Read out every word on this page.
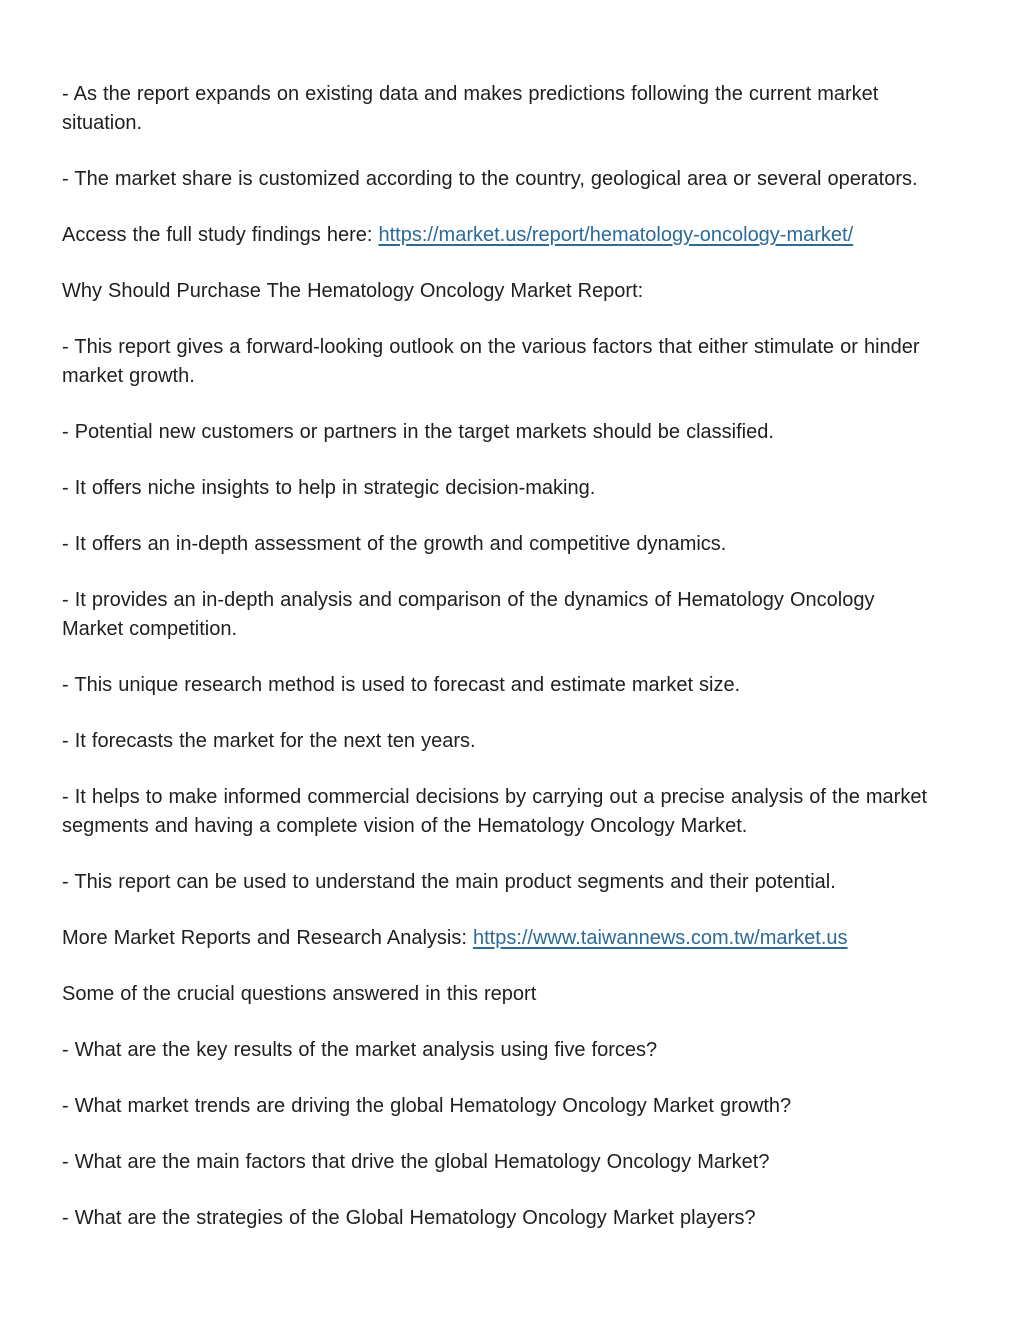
- As the report expands on existing data and makes predictions following the current market situation.

- The market share is customized according to the country, geological area or several operators.

Access the full study findings here: https://market.us/report/hematology-oncology-market/

Why Should Purchase The Hematology Oncology Market Report:

- This report gives a forward-looking outlook on the various factors that either stimulate or hinder market growth.

- Potential new customers or partners in the target markets should be classified.

- It offers niche insights to help in strategic decision-making.

- It offers an in-depth assessment of the growth and competitive dynamics.

- It provides an in-depth analysis and comparison of the dynamics of Hematology Oncology Market competition.

- This unique research method is used to forecast and estimate market size.

- It forecasts the market for the next ten years.

- It helps to make informed commercial decisions by carrying out a precise analysis of the market segments and having a complete vision of the Hematology Oncology Market.

- This report can be used to understand the main product segments and their potential.

More Market Reports and Research Analysis: https://www.taiwannews.com.tw/market.us

Some of the crucial questions answered in this report

- What are the key results of the market analysis using five forces?

- What market trends are driving the global Hematology Oncology Market growth?

- What are the main factors that drive the global Hematology Oncology Market?

- What are the strategies of the Global Hematology Oncology Market players?
